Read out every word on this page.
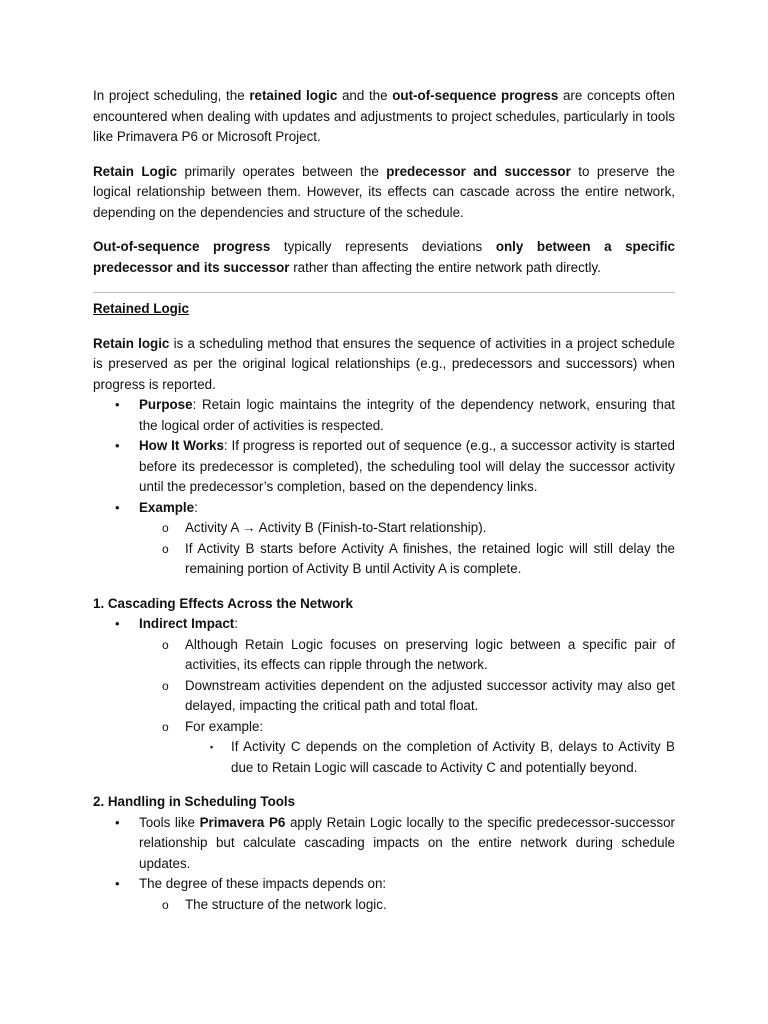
In project scheduling, the retained logic and the out-of-sequence progress are concepts often encountered when dealing with updates and adjustments to project schedules, particularly in tools like Primavera P6 or Microsoft Project.

Retain Logic primarily operates between the predecessor and successor to preserve the logical relationship between them. However, its effects can cascade across the entire network, depending on the dependencies and structure of the schedule.

Out-of-sequence progress typically represents deviations only between a specific predecessor and its successor rather than affecting the entire network path directly.

Retained Logic

Retain logic is a scheduling method that ensures the sequence of activities in a project schedule is preserved as per the original logical relationships (e.g., predecessors and successors) when progress is reported.

•	Purpose: Retain logic maintains the integrity of the dependency network, ensuring that the logical order of activities is respected.
•	How It Works: If progress is reported out of sequence (e.g., a successor activity is started before its predecessor is completed), the scheduling tool will delay the successor activity until the predecessor’s completion, based on the dependency links.
•	Example:
o	Activity A → Activity B (Finish-to-Start relationship).
o	If Activity B starts before Activity A finishes, the retained logic will still delay the remaining portion of Activity B until Activity A is complete.
1. Cascading Effects Across the Network
•	Indirect Impact:
o	Although Retain Logic focuses on preserving logic between a specific pair of activities, its effects can ripple through the network.
o	Downstream activities dependent on the adjusted successor activity may also get delayed, impacting the critical path and total float.
o	For example:
▪	If Activity C depends on the completion of Activity B, delays to Activity B due to Retain Logic will cascade to Activity C and potentially beyond.
2. Handling in Scheduling Tools
•	Tools like Primavera P6 apply Retain Logic locally to the specific predecessor-successor relationship but calculate cascading impacts on the entire network during schedule updates.
•	The degree of these impacts depends on:
o	The structure of the network logic.
